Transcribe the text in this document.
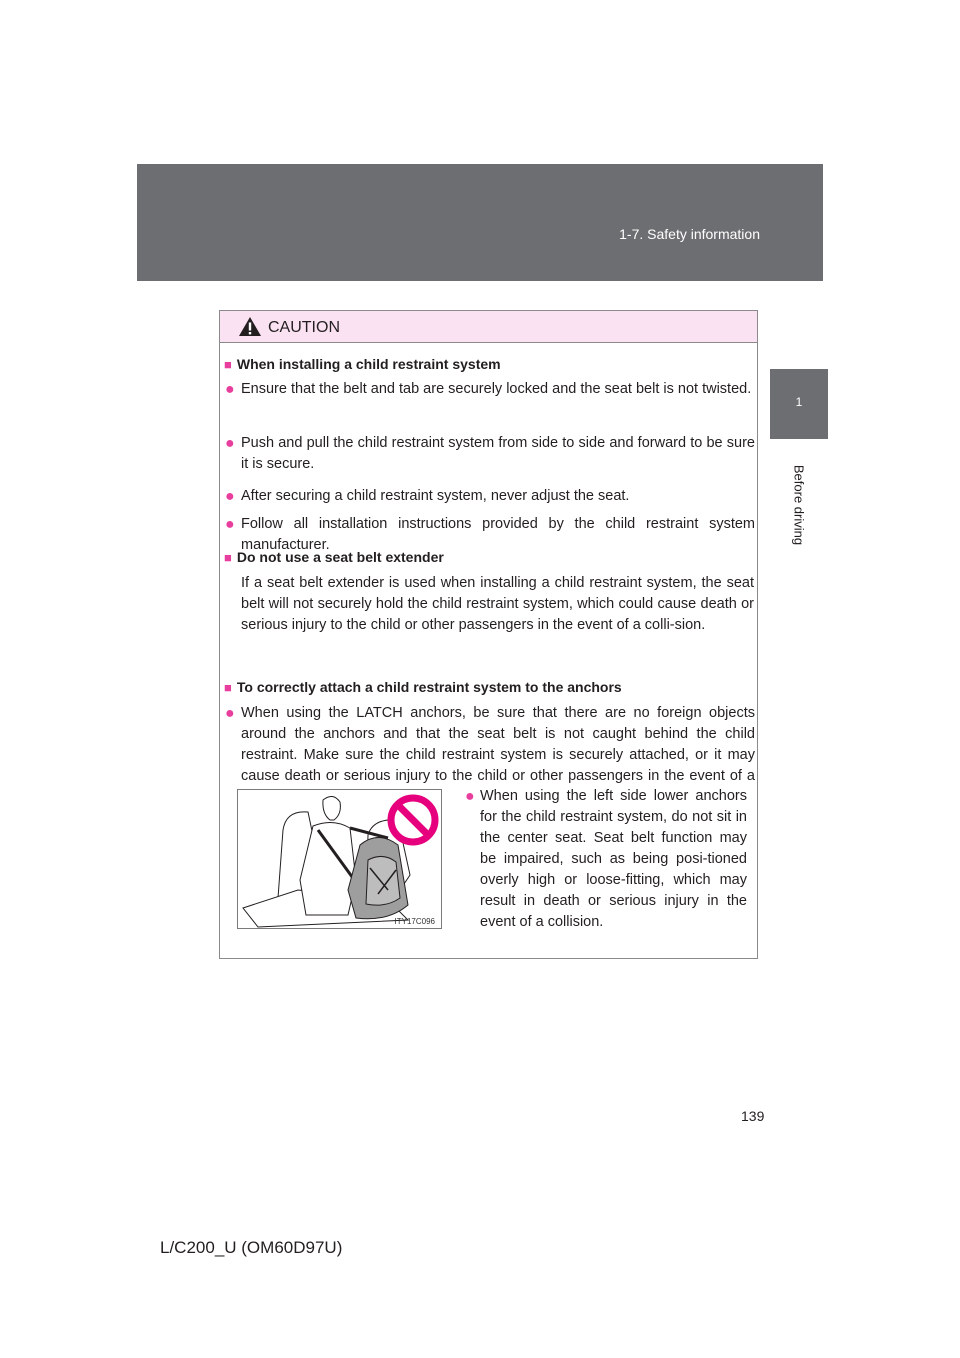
1-7. Safety information
1
Before driving
CAUTION
■ When installing a child restraint system
● Ensure that the belt and tab are securely locked and the seat belt is not twisted.
● Push and pull the child restraint system from side to side and forward to be sure it is secure.
● After securing a child restraint system, never adjust the seat.
● Follow all installation instructions provided by the child restraint system manufacturer.
■ Do not use a seat belt extender
If a seat belt extender is used when installing a child restraint system, the seat belt will not securely hold the child restraint system, which could cause death or serious injury to the child or other passengers in the event of a colli-sion.
■ To correctly attach a child restraint system to the anchors
● When using the LATCH anchors, be sure that there are no foreign objects around the anchors and that the seat belt is not caught behind the child restraint. Make sure the child restraint system is securely attached, or it may cause death or serious injury to the child or other passengers in the event of a
ITY17C096
● When using the left side lower anchors for the child restraint system, do not sit in the center seat. Seat belt function may be impaired, such as being posi-tioned overly high or loose-fitting, which may result in death or serious injury in the event of a collision.
139
L/C200_U (OM60D97U)
